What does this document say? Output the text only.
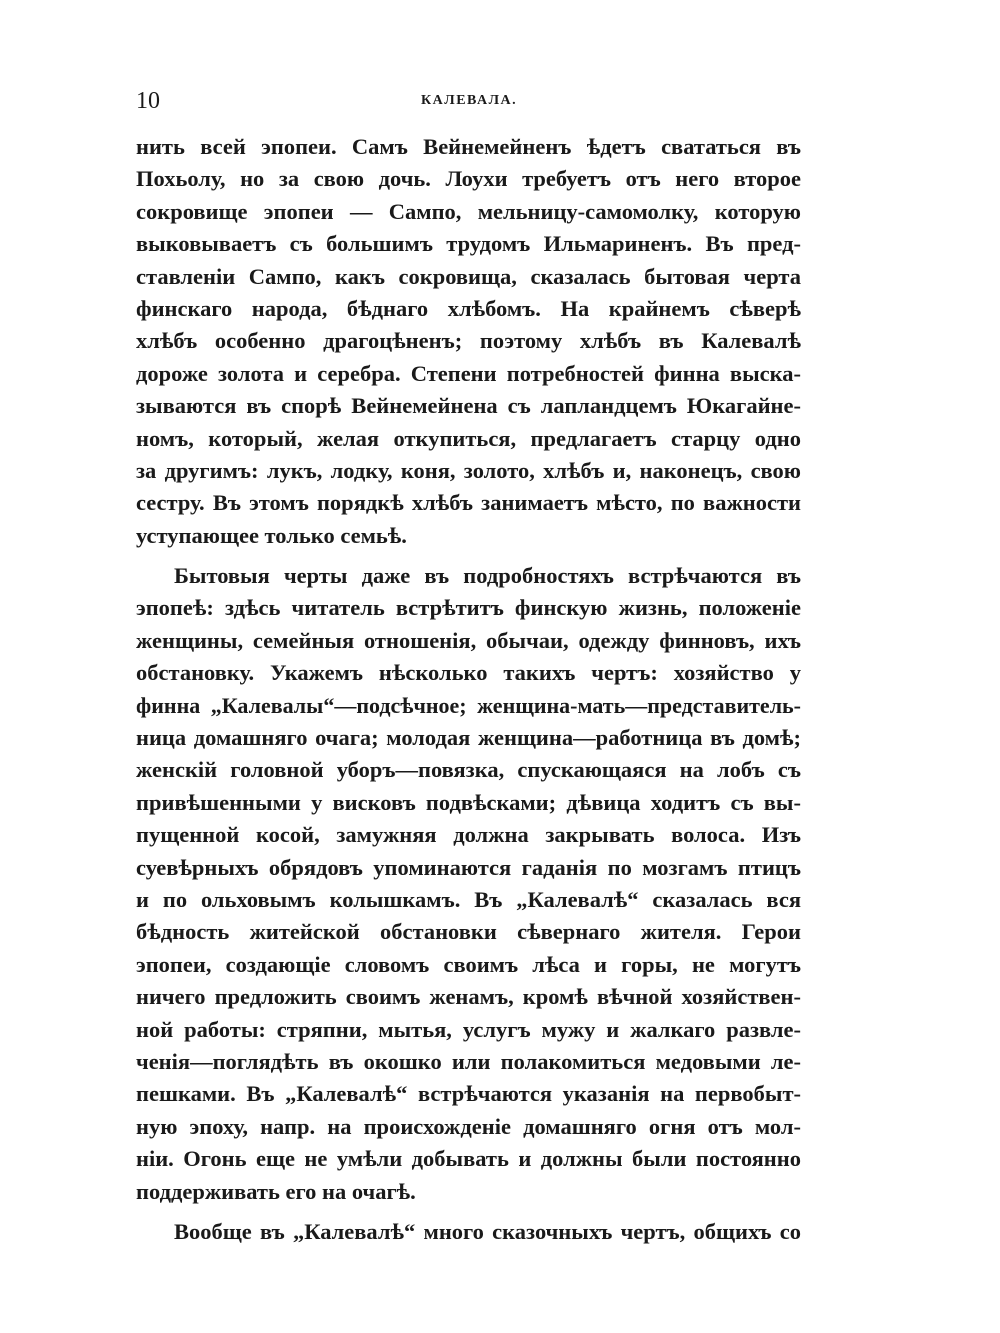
10	КАЛЕВАЛА.
нить всей эпопеи. Самъ Вейнемейненъ ѣдетъ свататься въ
Похьолу, но за свою дочь. Лоухи требуетъ отъ него второе
сокровище эпопеи — Сампо, мельницу-самомолку, которую
выковываетъ съ большимъ трудомъ Ильмариненъ. Въ пред-
ставленіи Сампо, какъ сокровища, сказалась бытовая черта
финскаго народа, бѣднаго хлѣбомъ. На крайнемъ сѣверѣ
хлѣбъ особенно драгоцѣненъ; поэтому хлѣбъ въ Калевалѣ
дороже золота и серебра. Степени потребностей финна выска-
зываются въ спорѣ Вейнемейнена съ лапландцемъ Юкагайне-
номъ, который, желая откупиться, предлагаетъ старцу одно
за другимъ: лукъ, лодку, коня, золото, хлѣбъ и, наконецъ, свою
сестру. Въ этомъ порядкѣ хлѣбъ занимаетъ мѣсто, по важности
уступающее только семьѣ.
Бытовыя черты даже въ подробностяхъ встрѣчаются въ
эпопеѣ: здѣсь читатель встрѣтитъ финскую жизнь, положеніе
женщины, семейныя отношенія, обычаи, одежду финновъ, ихъ
обстановку. Укажемъ нѣсколько такихъ чертъ: хозяйство у
финна „Калевалы“—подсѣчное; женщина-мать—представитель-
ница домашняго очага; молодая женщина—работница въ домѣ;
женскій головной уборъ—повязка, спускающаяся на лобъ съ
привѣшенными у висковъ подвѣсками; дѣвица ходитъ съ вы-
пущенной косой, замужняя должна закрывать волоса. Изъ
суевѣрныхъ обрядовъ упоминаются гаданія по мозгамъ птицъ
и по ольховымъ колышкамъ. Въ „Калевалѣ“ сказалась вся
бѣдность житейской обстановки сѣвернаго жителя. Герои
эпопеи, создающіе словомъ своимъ лѣса и горы, не могутъ
ничего предложить своимъ женамъ, кромѣ вѣчной хозяйствен-
ной работы: стряпни, мытья, услугъ мужу и жалкаго развле-
ченія—поглядѣть въ окошко или полакомиться медовыми ле-
пешками. Въ „Калевалѣ“ встрѣчаются указанія на первобыт-
ную эпоху, напр. на происхожденіе домашняго огня отъ мол-
ніи. Огонь еще не умѣли добывать и должны были постоянно
поддерживать его на очагѣ.
Вообще въ „Калевалѣ“ много сказочныхъ чертъ, общихъ со
